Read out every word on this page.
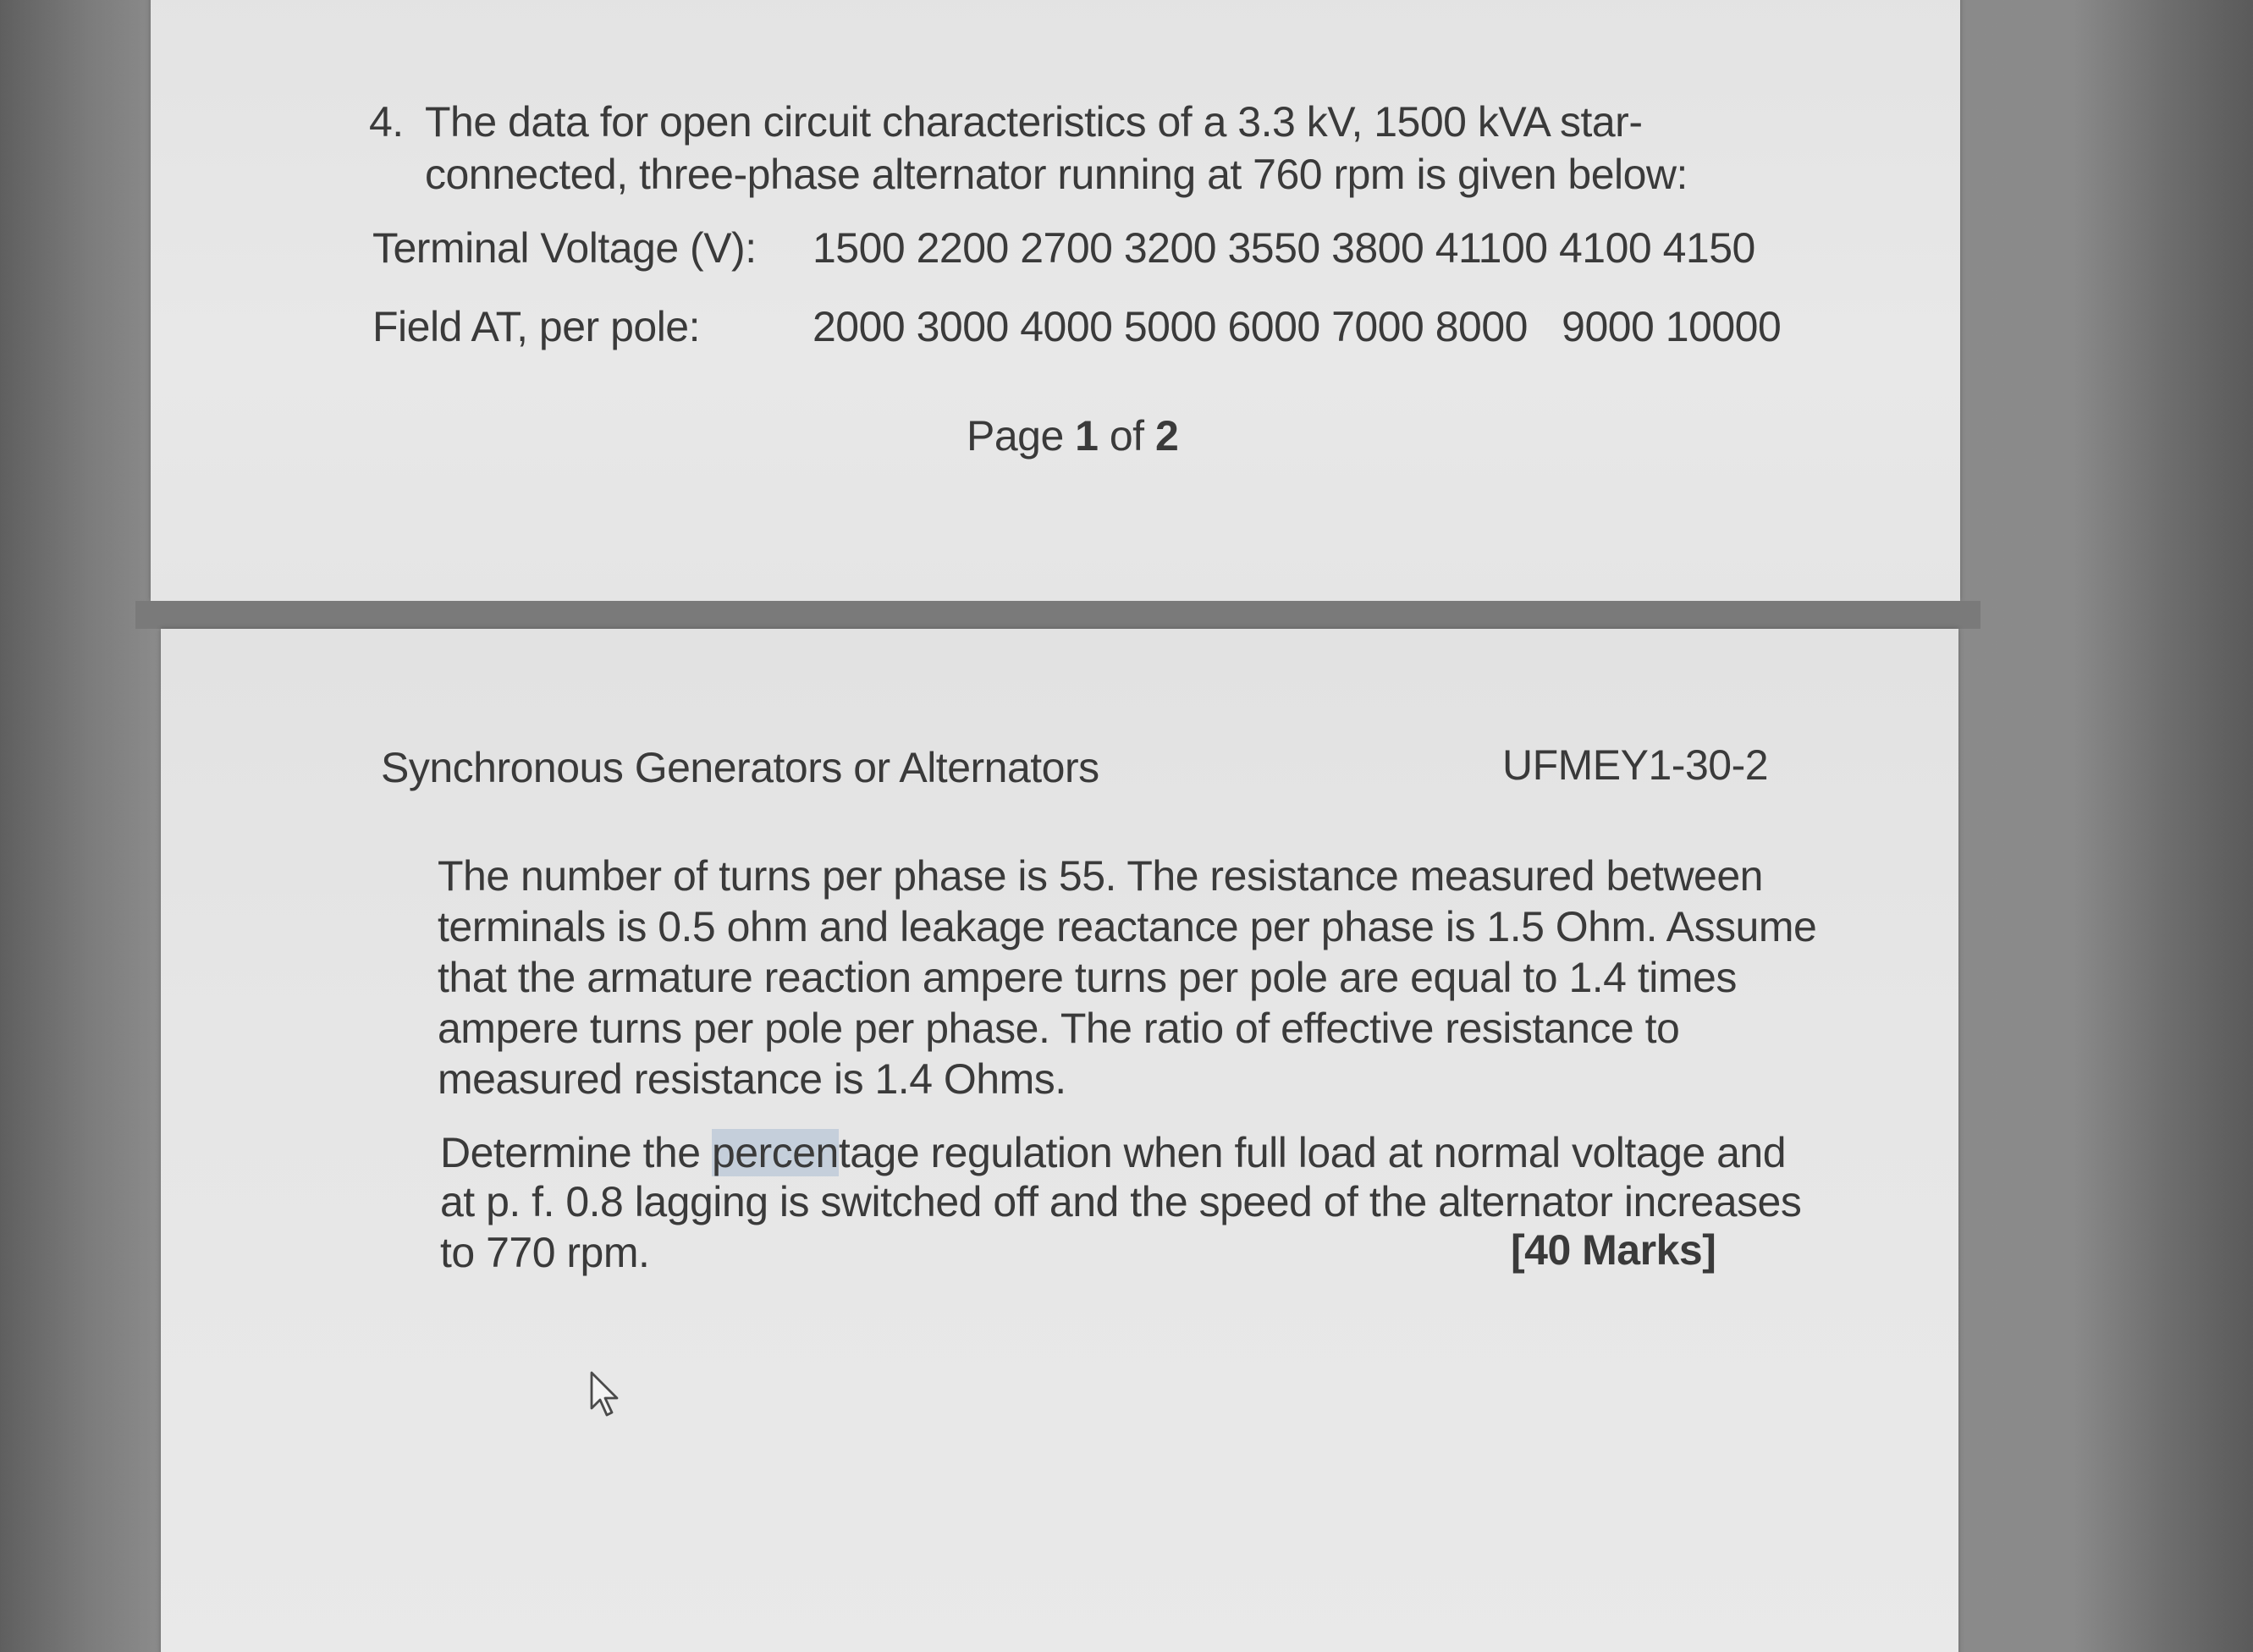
4. The data for open circuit characteristics of a 3.3 kV, 1500 kVA star-
connected, three-phase alternator running at 760 rpm is given below:
Terminal Voltage (V): 1500 2200 2700 3200 3550 3800 41100 4100 4150
Field AT, per pole:	2000 3000 4000 5000 6000 7000 8000   9000 10000
Page 1 of 2
Synchronous Generators or Alternators	UFMEY1-30-2
The number of turns per phase is 55. The resistance measured between
terminals is 0.5 ohm and leakage reactance per phase is 1.5 Ohm. Assume
that the armature reaction ampere turns per pole are equal to 1.4 times
ampere turns per pole per phase. The ratio of effective resistance to
measured resistance is 1.4 Ohms.
Determine the percentage regulation when full load at normal voltage and
at p. f. 0.8 lagging is switched off and the speed of the alternator increases
to 770 rpm.	[40 Marks]
